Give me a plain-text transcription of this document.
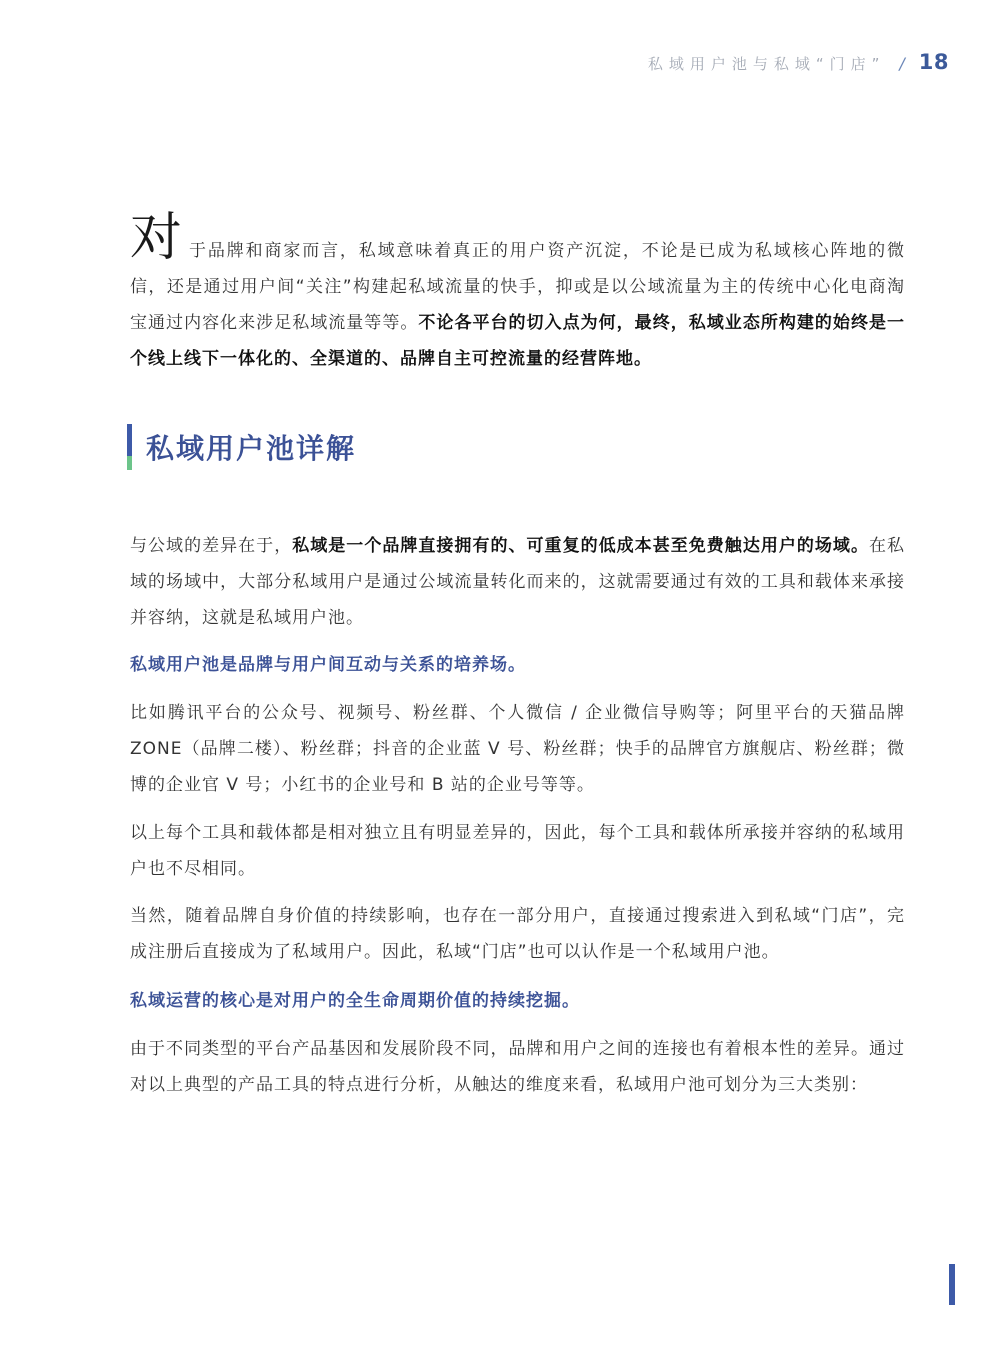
私域用户池与私域“门店” / 18
对 于品牌和商家而言，私域意味着真正的用户资产沉淀，不论是已成为私域核心阵地的微信，还是通过用户间“关注”构建起私域流量的快手，抑或是以公域流量为主的传统中心化电商淘宝通过内容化来涉足私域流量等等。不论各平台的切入点为何，最终，私域业态所构建的始终是一个线上线下一体化的、全渠道的、品牌自主可控流量的经营阵地。

私域用户池详解

与公域的差异在于，私域是一个品牌直接拥有的、可重复的低成本甚至免费触达用户的场域。在私域的场域中，大部分私域用户是通过公域流量转化而来的，这就需要通过有效的工具和载体来承接并容纳，这就是私域用户池。

私域用户池是品牌与用户间互动与关系的培养场。

比如腾讯平台的公众号、视频号、粉丝群、个人微信 / 企业微信导购等；阿里平台的天猫品牌 ZONE（品牌二楼）、粉丝群；抖音的企业蓝 V 号、粉丝群；快手的品牌官方旗舰店、粉丝群；微博的企业官 V 号；小红书的企业号和 B 站的企业号等等。

以上每个工具和载体都是相对独立且有明显差异的，因此，每个工具和载体所承接并容纳的私域用户也不尽相同。

当然，随着品牌自身价值的持续影响，也存在一部分用户，直接通过搜索进入到私域“门店”，完成注册后直接成为了私域用户。因此，私域“门店”也可以认作是一个私域用户池。

私域运营的核心是对用户的全生命周期价值的持续挖掘。

由于不同类型的平台产品基因和发展阶段不同，品牌和用户之间的连接也有着根本性的差异。通过对以上典型的产品工具的特点进行分析，从触达的维度来看，私域用户池可划分为三大类别：
